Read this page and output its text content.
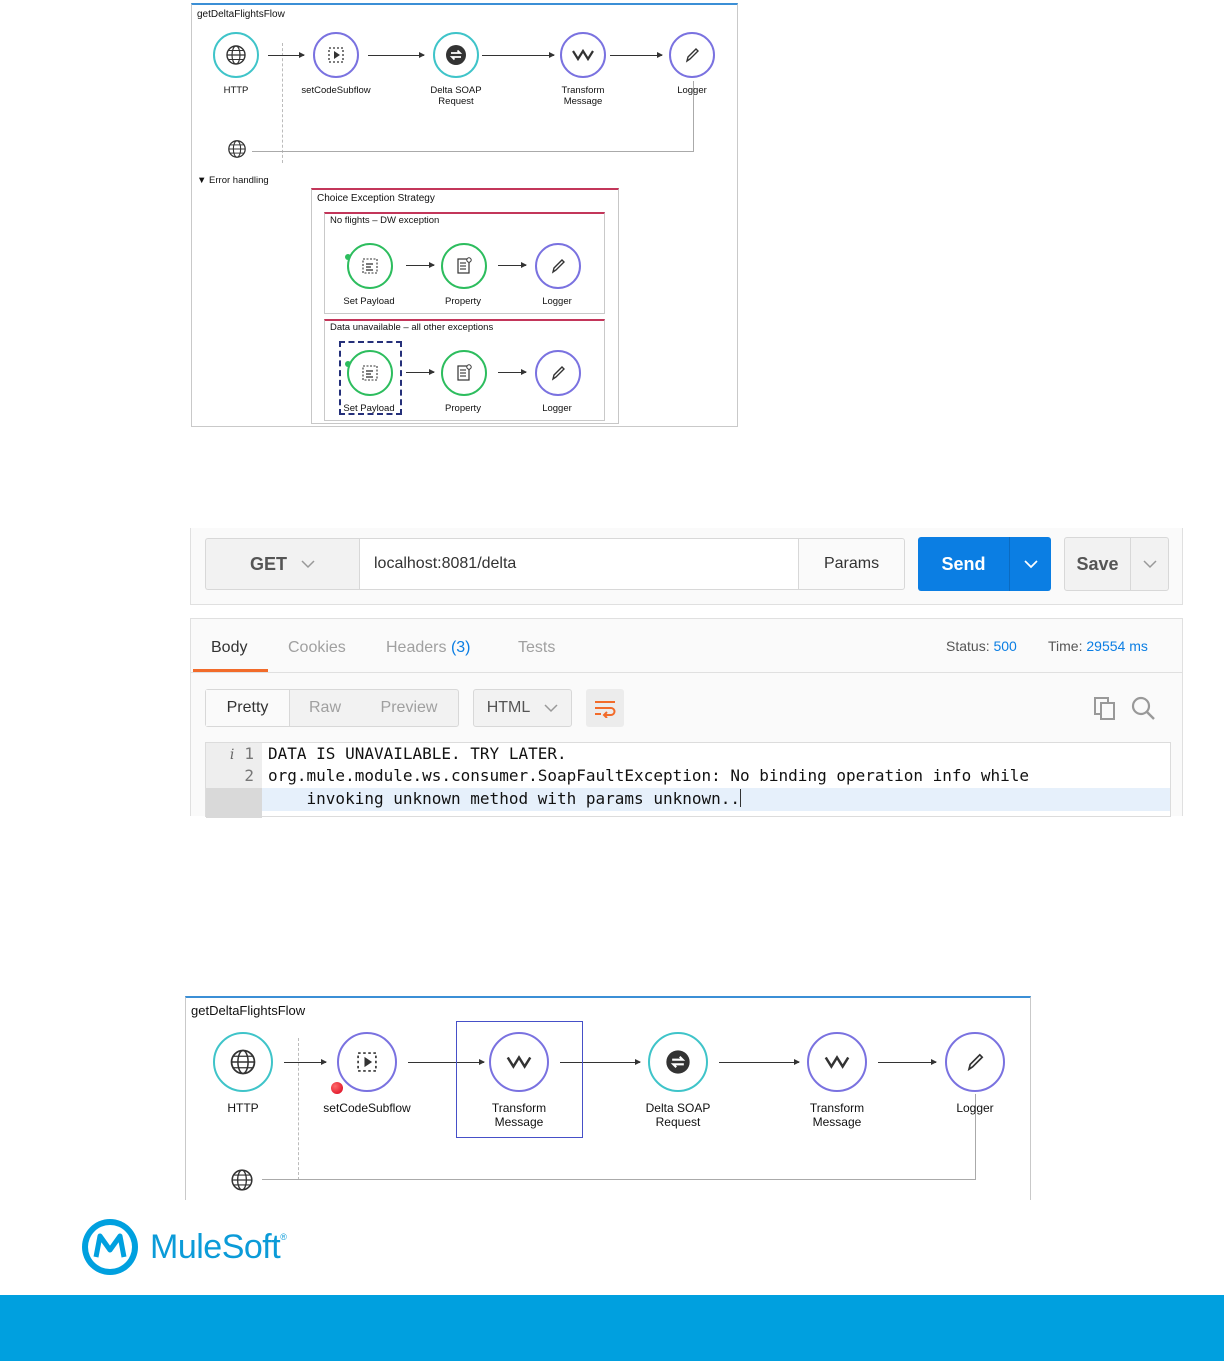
getDeltaFlightsFlow
HTTP	setCodeSubflow	Delta SOAP
Request
Transform
Message
Logger
▼ Error handling
Choice Exception Strategy
No flights – DW exception
Set Payload	Property	Logger
Data unavailable – all other exceptions
Set Payload	Property	Logger
GET	localhost:8081/delta	Params	Send	Save
Body	Cookies	Headers (3)	Tests	Status: 500 Time: 29554 ms
Pretty	Raw	Preview	HTML
i 1
2
DATA IS UNAVAILABLE. TRY LATER.
org.mule.module.ws.consumer.SoapFaultException: No binding operation info while
invoking unknown method with params unknown..
getDeltaFlightsFlow
HTTP	setCodeSubflow	Transform
Message
Delta SOAP
Request
Transform
Message
Logger
MuleSoft®
